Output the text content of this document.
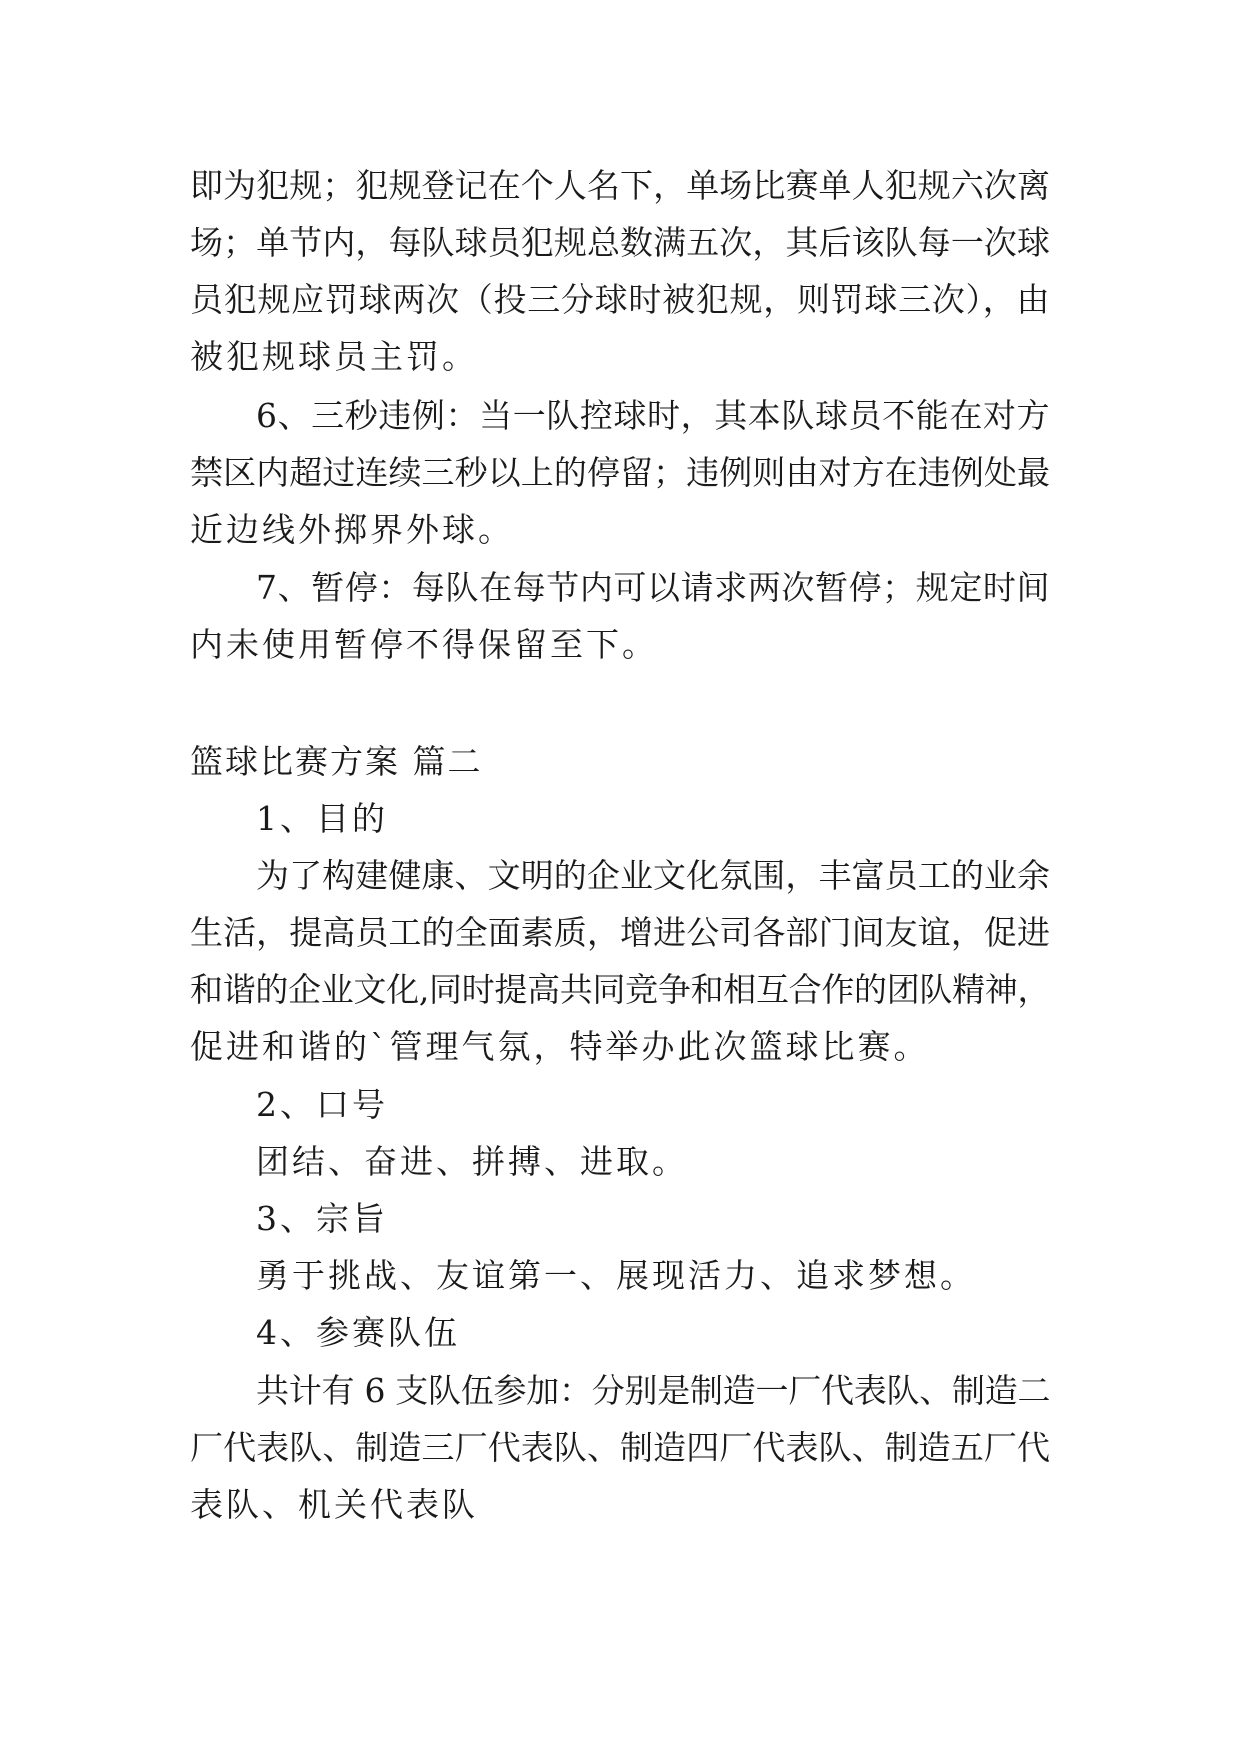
即为犯规；犯规登记在个人名下，单场比赛单人犯规六次离
场；单节内，每队球员犯规总数满五次，其后该队每一次球
员犯规应罚球两次（投三分球时被犯规，则罚球三次），由
被犯规球员主罚。
6、三秒违例：当一队控球时，其本队球员不能在对方
禁区内超过连续三秒以上的停留；违例则由对方在违例处最
近边线外掷界外球。
7、暂停：每队在每节内可以请求两次暂停；规定时间
内未使用暂停不得保留至下。
篮球比赛方案 篇二
1、目的
为了构建健康、文明的企业文化氛围，丰富员工的业余
生活，提高员工的全面素质，增进公司各部门间友谊，促进
和谐的企业文化,同时提高共同竞争和相互合作的团队精神，
促进和谐的`管理气氛，特举办此次篮球比赛。
2、口号
团结、奋进、拼搏、进取。
3、宗旨
勇于挑战、友谊第一、展现活力、追求梦想。
4、参赛队伍
共计有 6 支队伍参加：分别是制造一厂代表队、制造二
厂代表队、制造三厂代表队、制造四厂代表队、制造五厂代
表队、机关代表队
